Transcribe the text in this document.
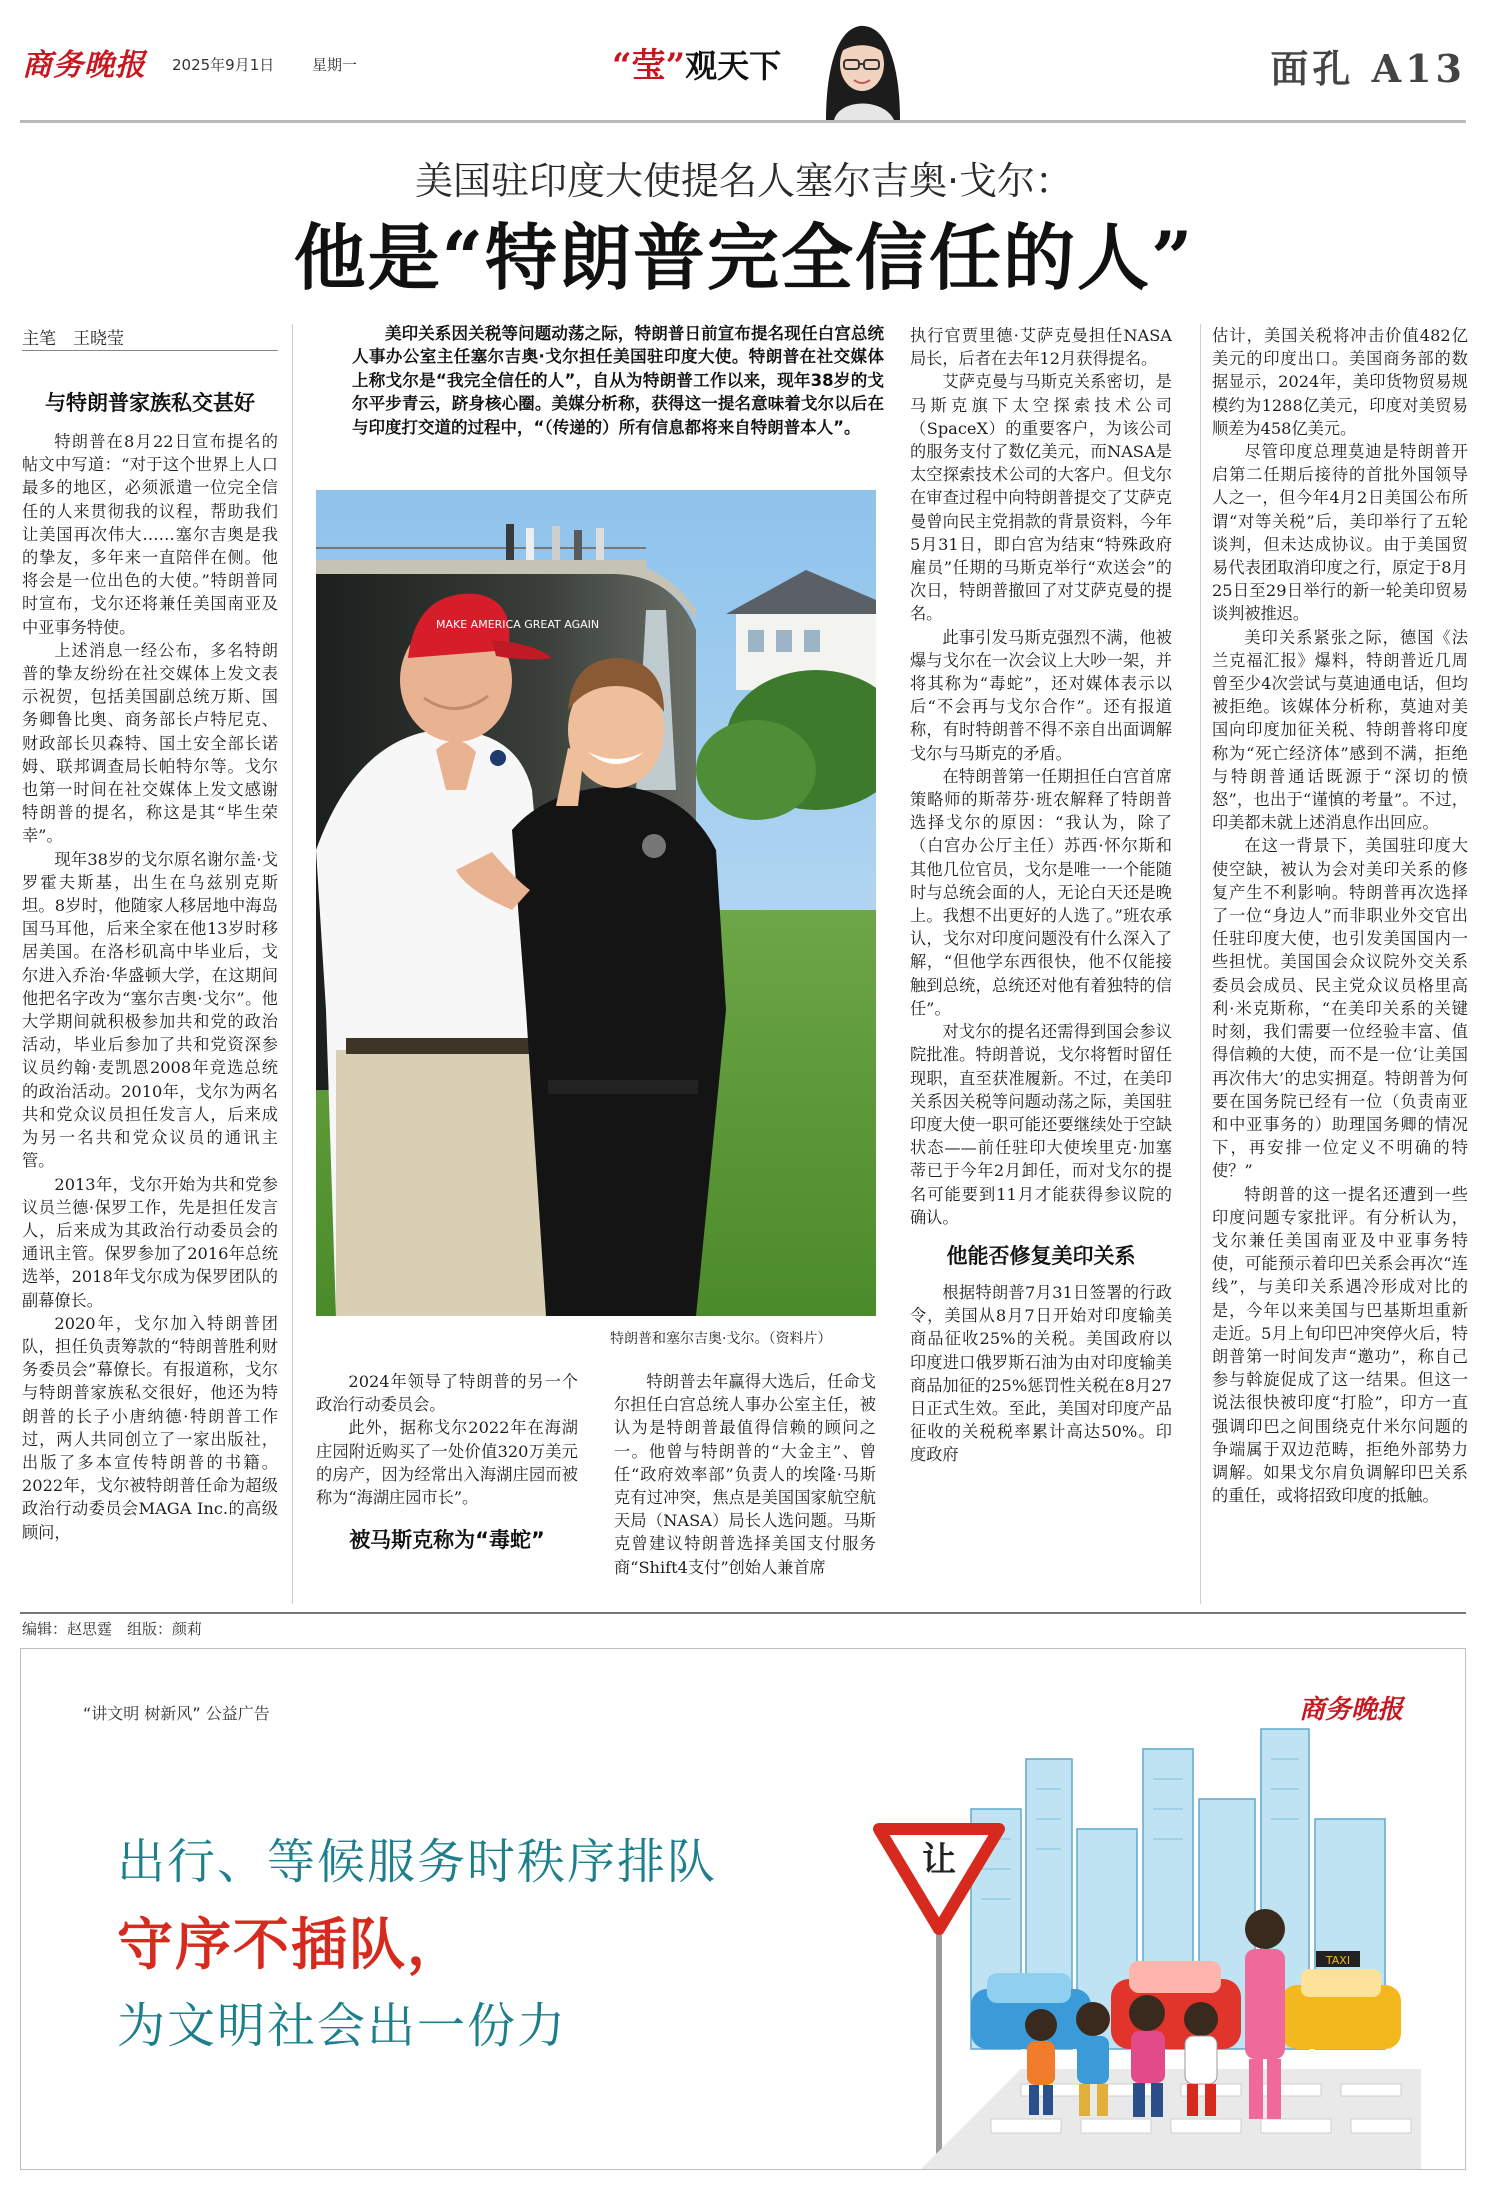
商务晚报 2025年9月1日	星期一	“莹”观天下	面孔 A13
美国驻印度大使提名人塞尔吉奥·戈尔：
他是“特朗普完全信任的人”
主笔　王晓莹	美印关系因关税等问题动荡之际，特朗普日前宣布提名现任白宫总统人事办公室主任塞尔吉奥·戈尔担任美国驻印度大使。特朗普在社交媒体上称戈尔是“我完全信任的人”，自从为特朗普工作以来，现年38岁的戈尔平步青云，跻身核心圈。美媒分析称，获得这一提名意味着戈尔以后在与印度打交道的过程中，“（传递的）所有信息都将来自特朗普本人”。
与特朗普家族私交甚好

特朗普在8月22日宣布提名的帖文中写道：“对于这个世界上人口最多的地区，必须派遣一位完全信任的人来贯彻我的议程，帮助我们让美国再次伟大……塞尔吉奥是我的挚友，多年来一直陪伴在侧。他将会是一位出色的大使。”特朗普同时宣布，戈尔还将兼任美国南亚及中亚事务特使。

上述消息一经公布，多名特朗普的挚友纷纷在社交媒体上发文表示祝贺，包括美国副总统万斯、国务卿鲁比奥、商务部长卢特尼克、财政部长贝森特、国土安全部长诺姆、联邦调查局长帕特尔等。戈尔也第一时间在社交媒体上发文感谢特朗普的提名，称这是其“毕生荣幸”。

现年38岁的戈尔原名谢尔盖·戈罗霍夫斯基，出生在乌兹别克斯坦。8岁时，他随家人移居地中海岛国马耳他，后来全家在他13岁时移居美国。在洛杉矶高中毕业后，戈尔进入乔治·华盛顿大学，在这期间他把名字改为“塞尔吉奥·戈尔”。他大学期间就积极参加共和党的政治活动，毕业后参加了共和党资深参议员约翰·麦凯恩2008年竞选总统的政治活动。2010年，戈尔为两名共和党众议员担任发言人，后来成为另一名共和党众议员的通讯主管。

2013年，戈尔开始为共和党参议员兰德·保罗工作，先是担任发言人，后来成为其政治行动委员会的通讯主管。保罗参加了2016年总统选举，2018年戈尔成为保罗团队的副幕僚长。

2020年，戈尔加入特朗普团队，担任负责筹款的“特朗普胜利财务委员会”幕僚长。有报道称，戈尔与特朗普家族私交很好，他还为特朗普的长子小唐纳德·特朗普工作过，两人共同创立了一家出版社，出版了多本宣传特朗普的书籍。2022年，戈尔被特朗普任命为超级政治行动委员会MAGA Inc.的高级顾问，

MAKE AMERICA GREAT AGAIN
特朗普和塞尔吉奥·戈尔。（资料片）

2024年领导了特朗普的另一个政治行动委员会。

此外，据称戈尔2022年在海湖庄园附近购买了一处价值320万美元的房产，因为经常出入海湖庄园而被称为“海湖庄园市长”。

被马斯克称为“毒蛇”

特朗普去年赢得大选后，任命戈尔担任白宫总统人事办公室主任，被认为是特朗普最值得信赖的顾问之一。他曾与特朗普的“大金主”、曾任“政府效率部”负责人的埃隆·马斯克有过冲突，焦点是美国国家航空航天局（NASA）局长人选问题。马斯克曾建议特朗普选择美国支付服务商“Shift4支付”创始人兼首席

执行官贾里德·艾萨克曼担任NASA局长，后者在去年12月获得提名。

艾萨克曼与马斯克关系密切，是马斯克旗下太空探索技术公司（SpaceX）的重要客户，为该公司的服务支付了数亿美元，而NASA是太空探索技术公司的大客户。但戈尔在审查过程中向特朗普提交了艾萨克曼曾向民主党捐款的背景资料，今年5月31日，即白宫为结束“特殊政府雇员”任期的马斯克举行“欢送会”的次日，特朗普撤回了对艾萨克曼的提名。

此事引发马斯克强烈不满，他被爆与戈尔在一次会议上大吵一架，并将其称为“毒蛇”，还对媒体表示以后“不会再与戈尔合作”。还有报道称，有时特朗普不得不亲自出面调解戈尔与马斯克的矛盾。

在特朗普第一任期担任白宫首席策略师的斯蒂芬·班农解释了特朗普选择戈尔的原因：“我认为，除了（白宫办公厅主任）苏西·怀尔斯和其他几位官员，戈尔是唯一一个能随时与总统会面的人，无论白天还是晚上。我想不出更好的人选了。”班农承认，戈尔对印度问题没有什么深入了解，“但他学东西很快，他不仅能接触到总统，总统还对他有着独特的信任”。

对戈尔的提名还需得到国会参议院批准。特朗普说，戈尔将暂时留任现职，直至获准履新。不过，在美印关系因关税等问题动荡之际，美国驻印度大使一职可能还要继续处于空缺状态——前任驻印大使埃里克·加塞蒂已于今年2月卸任，而对戈尔的提名可能要到11月才能获得参议院的确认。

他能否修复美印关系

根据特朗普7月31日签署的行政令，美国从8月7日开始对印度输美商品征收25%的关税。美国政府以印度进口俄罗斯石油为由对印度输美商品加征的25%惩罚性关税在8月27日正式生效。至此，美国对印度产品征收的关税税率累计高达50%。印度政府

估计，美国关税将冲击价值482亿美元的印度出口。美国商务部的数据显示，2024年，美印货物贸易规模约为1288亿美元，印度对美贸易顺差为458亿美元。

尽管印度总理莫迪是特朗普开启第二任期后接待的首批外国领导人之一，但今年4月2日美国公布所谓“对等关税”后，美印举行了五轮谈判，但未达成协议。由于美国贸易代表团取消印度之行，原定于8月25日至29日举行的新一轮美印贸易谈判被推迟。

美印关系紧张之际，德国《法兰克福汇报》爆料，特朗普近几周曾至少4次尝试与莫迪通电话，但均被拒绝。该媒体分析称，莫迪对美国向印度加征关税、特朗普将印度称为“死亡经济体”感到不满，拒绝与特朗普通话既源于“深切的愤怒”，也出于“谨慎的考量”。不过，印美都未就上述消息作出回应。

在这一背景下，美国驻印度大使空缺，被认为会对美印关系的修复产生不利影响。特朗普再次选择了一位“身边人”而非职业外交官出任驻印度大使，也引发美国国内一些担忧。美国国会众议院外交关系委员会成员、民主党众议员格里高利·米克斯称，“在美印关系的关键时刻，我们需要一位经验丰富、值得信赖的大使，而不是一位‘让美国再次伟大’的忠实拥趸。特朗普为何要在国务院已经有一位（负责南亚和中亚事务的）助理国务卿的情况下，再安排一位定义不明确的特使？”

特朗普的这一提名还遭到一些印度问题专家批评。有分析认为，戈尔兼任美国南亚及中亚事务特使，可能预示着印巴关系会再次“连线”，与美印关系遇冷形成对比的是，今年以来美国与巴基斯坦重新走近。5月上旬印巴冲突停火后，特朗普第一时间发声“邀功”，称自己参与斡旋促成了这一结果。但这一说法很快被印度“打脸”，印方一直强调印巴之间围绕克什米尔问题的争端属于双边范畴，拒绝外部势力调解。如果戈尔肩负调解印巴关系的重任，或将招致印度的抵触。

编辑：赵思霆　组版：颜莉
“讲文明 树新风” 公益广告	商务晚报
出行、等候服务时秩序排队
守序不插队，
为文明社会出一份力
让
TAXI
